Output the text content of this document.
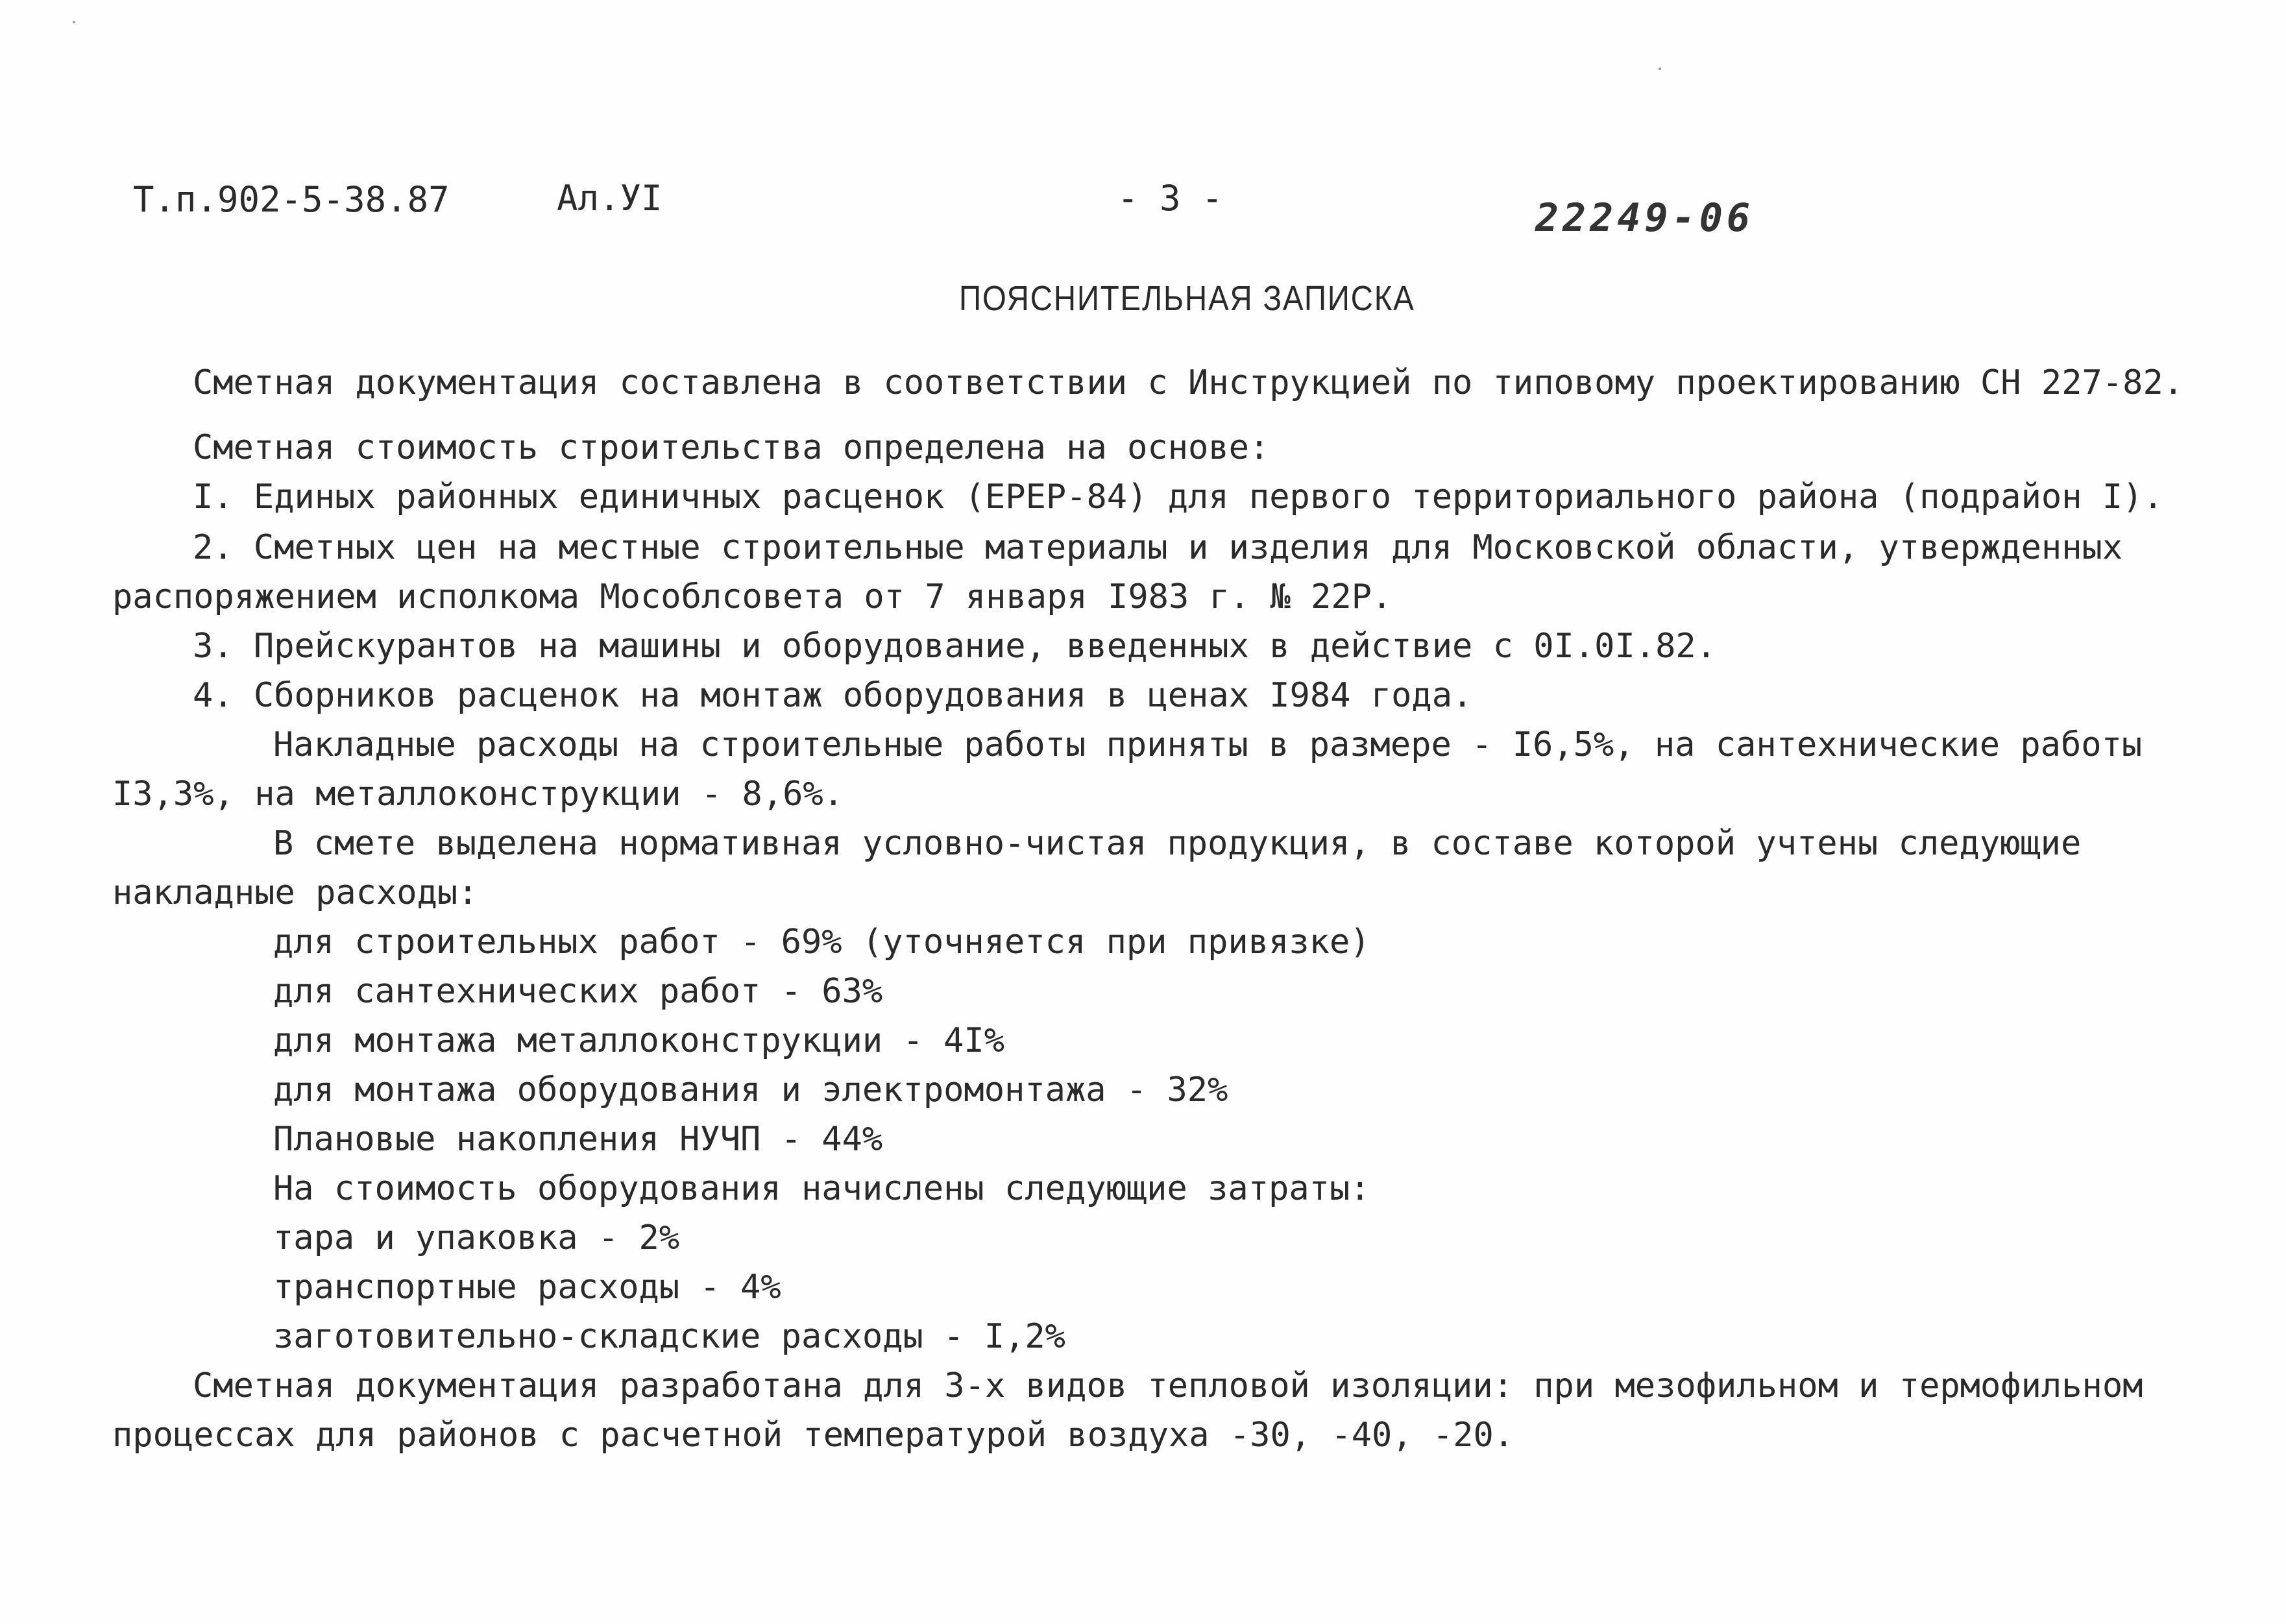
Т.п.902-5-38.87	Ал.УI	- 3 -	22249-06
ПОЯСНИТЕЛЬНАЯ ЗАПИСКА
Сметная документация составлена в соответствии с Инструкцией по типовому проектированию СН 227-82.
Сметная стоимость строительства определена на основе:
I. Единых районных единичных расценок (ЕРЕР-84) для первого территориального района (подрайон I).
2. Сметных цен на местные строительные материалы и изделия для Московской области, утвержденных
распоряжением исполкома Мособлсовета от 7 января I983 г. № 22Р.
3. Прейскурантов на машины и оборудование, введенных в действие с 0I.0I.82.
4. Сборников расценок на монтаж оборудования в ценах I984 года.
Накладные расходы на строительные работы приняты в размере - I6,5%, на сантехнические работы
I3,3%, на металлоконструкции - 8,6%.
В смете выделена нормативная условно-чистая продукция, в составе которой учтены следующие
накладные расходы:
для строительных работ - 69% (уточняется при привязке)
для сантехнических работ - 63%
для монтажа металлоконструкции - 4I%
для монтажа оборудования и электромонтажа - 32%
Плановые накопления НУЧП - 44%
На стоимость оборудования начислены следующие затраты:
тара и упаковка - 2%
транспортные расходы - 4%
заготовительно-складские расходы - I,2%
Сметная документация разработана для 3-х видов тепловой изоляции: при мезофильном и термофильном
процессах для районов с расчетной температурой воздуха -30, -40, -20.
